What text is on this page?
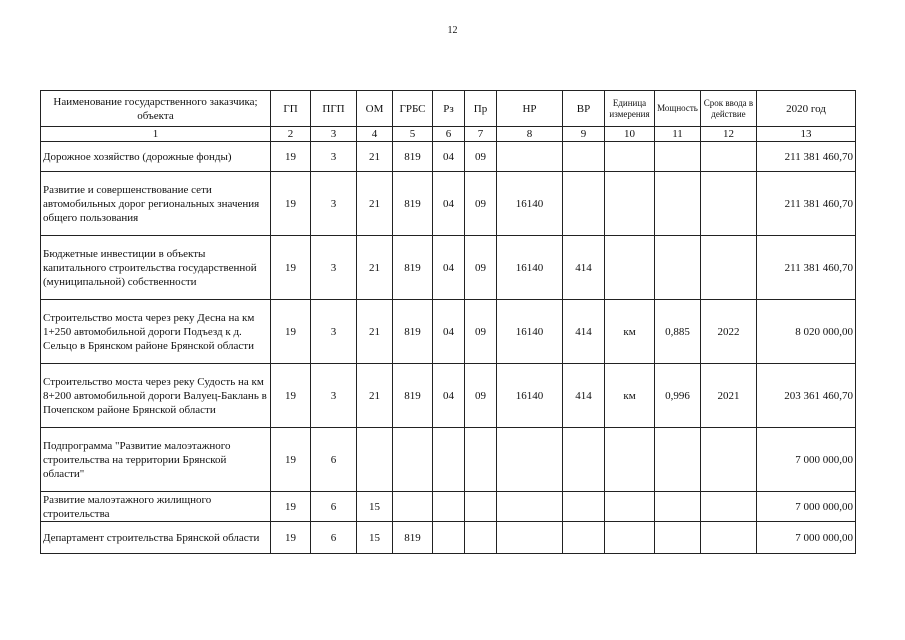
12
Наименование государственного заказчика; объекта	ГП	ПГП	ОМ	ГРБС	Рз	Пр	НР	ВР	Единица измерения	Мощность	Срок ввода в действие	2020 год
1	2	3	4	5	6	7	8	9	10	11	12	13
Дорожное хозяйство (дорожные фонды)	19	3	21	819	04	09						211 381 460,70
Развитие и совершенствование сети автомобильных дорог региональных значения общего пользования	19	3	21	819	04	09	16140					211 381 460,70
Бюджетные инвестиции в объекты капитального строительства государственной (муниципальной) собственности	19	3	21	819	04	09	16140	414				211 381 460,70
Строительство моста через реку Десна на км 1+250 автомобильной дороги Подъезд к д. Сельцо в Брянском районе Брянской области	19	3	21	819	04	09	16140	414	км	0,885	2022	8 020 000,00
Строительство моста через реку Судость на км 8+200 автомобильной дороги Валуец-Баклань в Почепском районе Брянской области	19	3	21	819	04	09	16140	414	км	0,996	2021	203 361 460,70
Подпрограмма "Развитие малоэтажного строительства на территории Брянской области"	19	6										7 000 000,00
Развитие малоэтажного жилищного строительства	19	6	15									7 000 000,00
Департамент строительства Брянской области	19	6	15	819								7 000 000,00
